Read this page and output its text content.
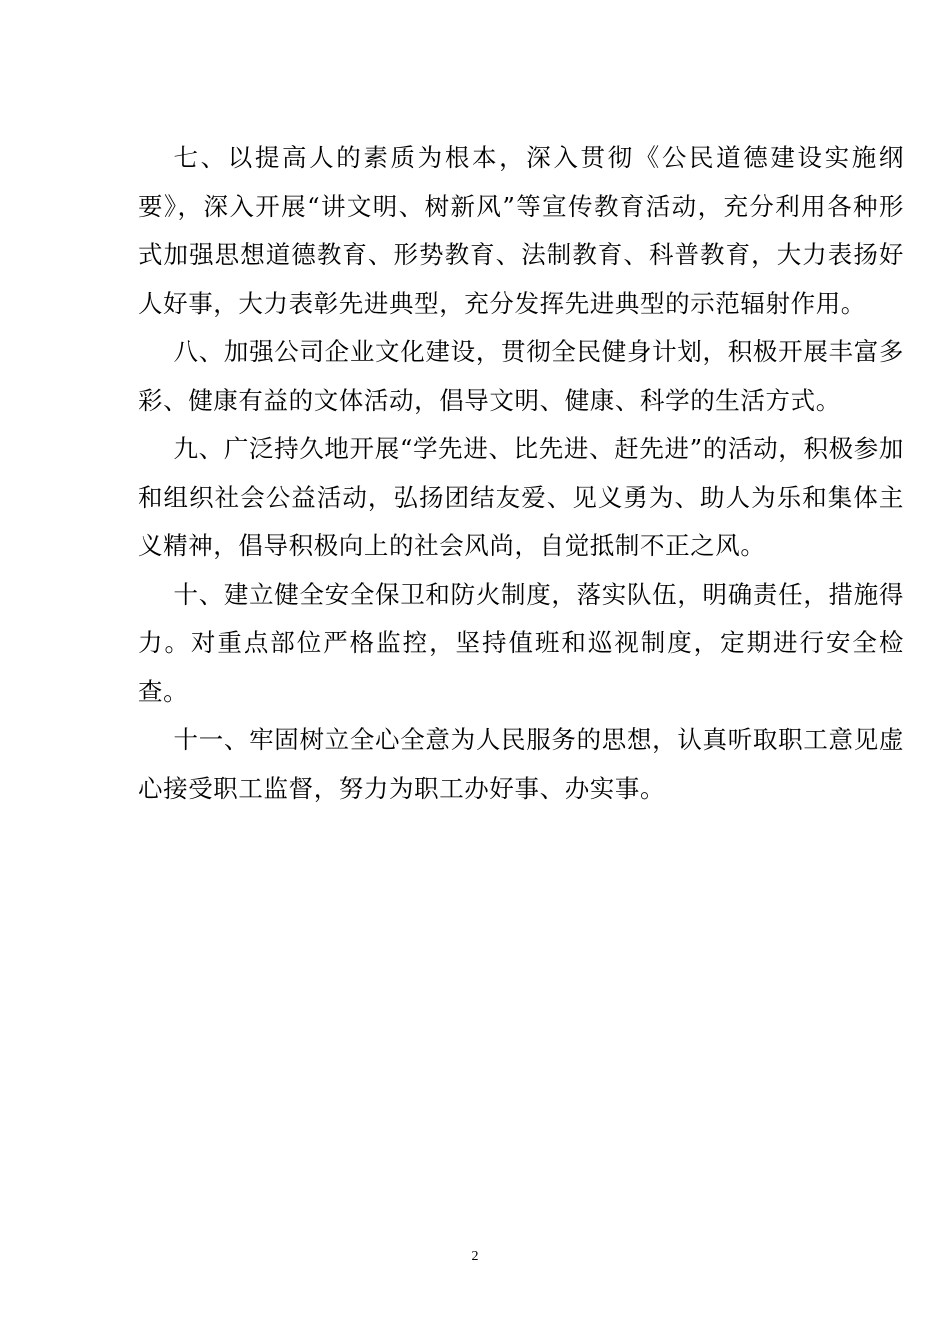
七、以提高人的素质为根本，深入贯彻《公民道德建设实施纲要》，深入开展“讲文明、树新风”等宣传教育活动，充分利用各种形式加强思想道德教育、形势教育、法制教育、科普教育，大力表扬好人好事，大力表彰先进典型，充分发挥先进典型的示范辐射作用。

八、加强公司企业文化建设，贯彻全民健身计划，积极开展丰富多彩、健康有益的文体活动，倡导文明、健康、科学的生活方式。

九、广泛持久地开展“学先进、比先进、赶先进”的活动，积极参加和组织社会公益活动，弘扬团结友爱、见义勇为、助人为乐和集体主义精神，倡导积极向上的社会风尚，自觉抵制不正之风。

十、建立健全安全保卫和防火制度，落实队伍，明确责任，措施得力。对重点部位严格监控，坚持值班和巡视制度，定期进行安全检查。

十一、牢固树立全心全意为人民服务的思想，认真听取职工意见虚心接受职工监督，努力为职工办好事、办实事。

2
